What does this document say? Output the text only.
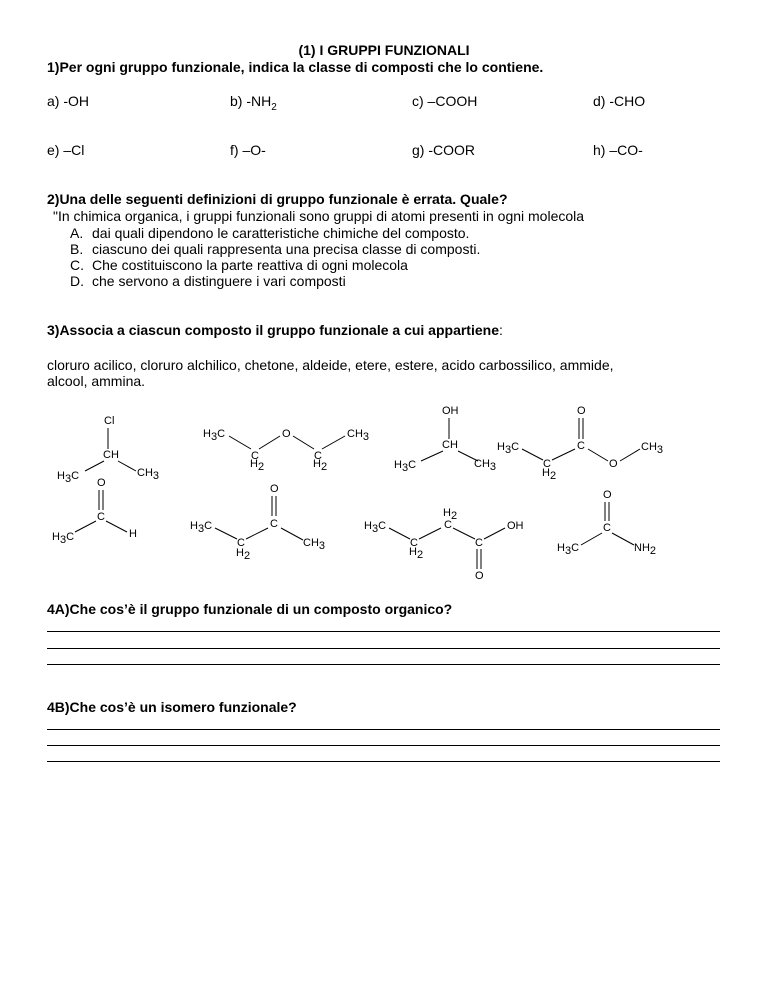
(1) I GRUPPI FUNZIONALI
1)Per ogni gruppo funzionale, indica la classe di composti che lo contiene.
a) -OH	b) $-NH_2$	c) –COOH	d) -CHO
e) –Cl	f) –O-	g) -COOR	h) –CO-
2)Una delle seguenti definizioni di gruppo funzionale è errata. Quale?
"In chimica organica, i gruppi funzionali sono gruppi di atomi presenti in ogni molecola
A. dai quali dipendono le caratteristiche chimiche del composto.
B. ciascuno dei quali rappresenta una precisa classe di composti.
C. Che costituiscono la parte reattiva di ogni molecola
D. che servono a distinguere i vari composti
3)Associa a ciascun composto il gruppo funzionale a cui appartiene:
cloruro acilico, cloruro alchilico, chetone, aldeide, etere, estere, acido carbossilico, ammide,
alcool, ammina.
Cl
CH
H3C	CH3
H3C
C
H2
O
C
H2
CH3
OH
CH
H3C	CH3
O
C
H3C
C
H2
O
CH3
O
C
H3C	H
O
C
H3C
C
H2
CH3
H3C
C
H2
H2
C
C
OH
O
O
C
H3C	NH2
4A)Che cos’è il gruppo funzionale di un composto organico?
4B)Che cos’è un isomero funzionale?
